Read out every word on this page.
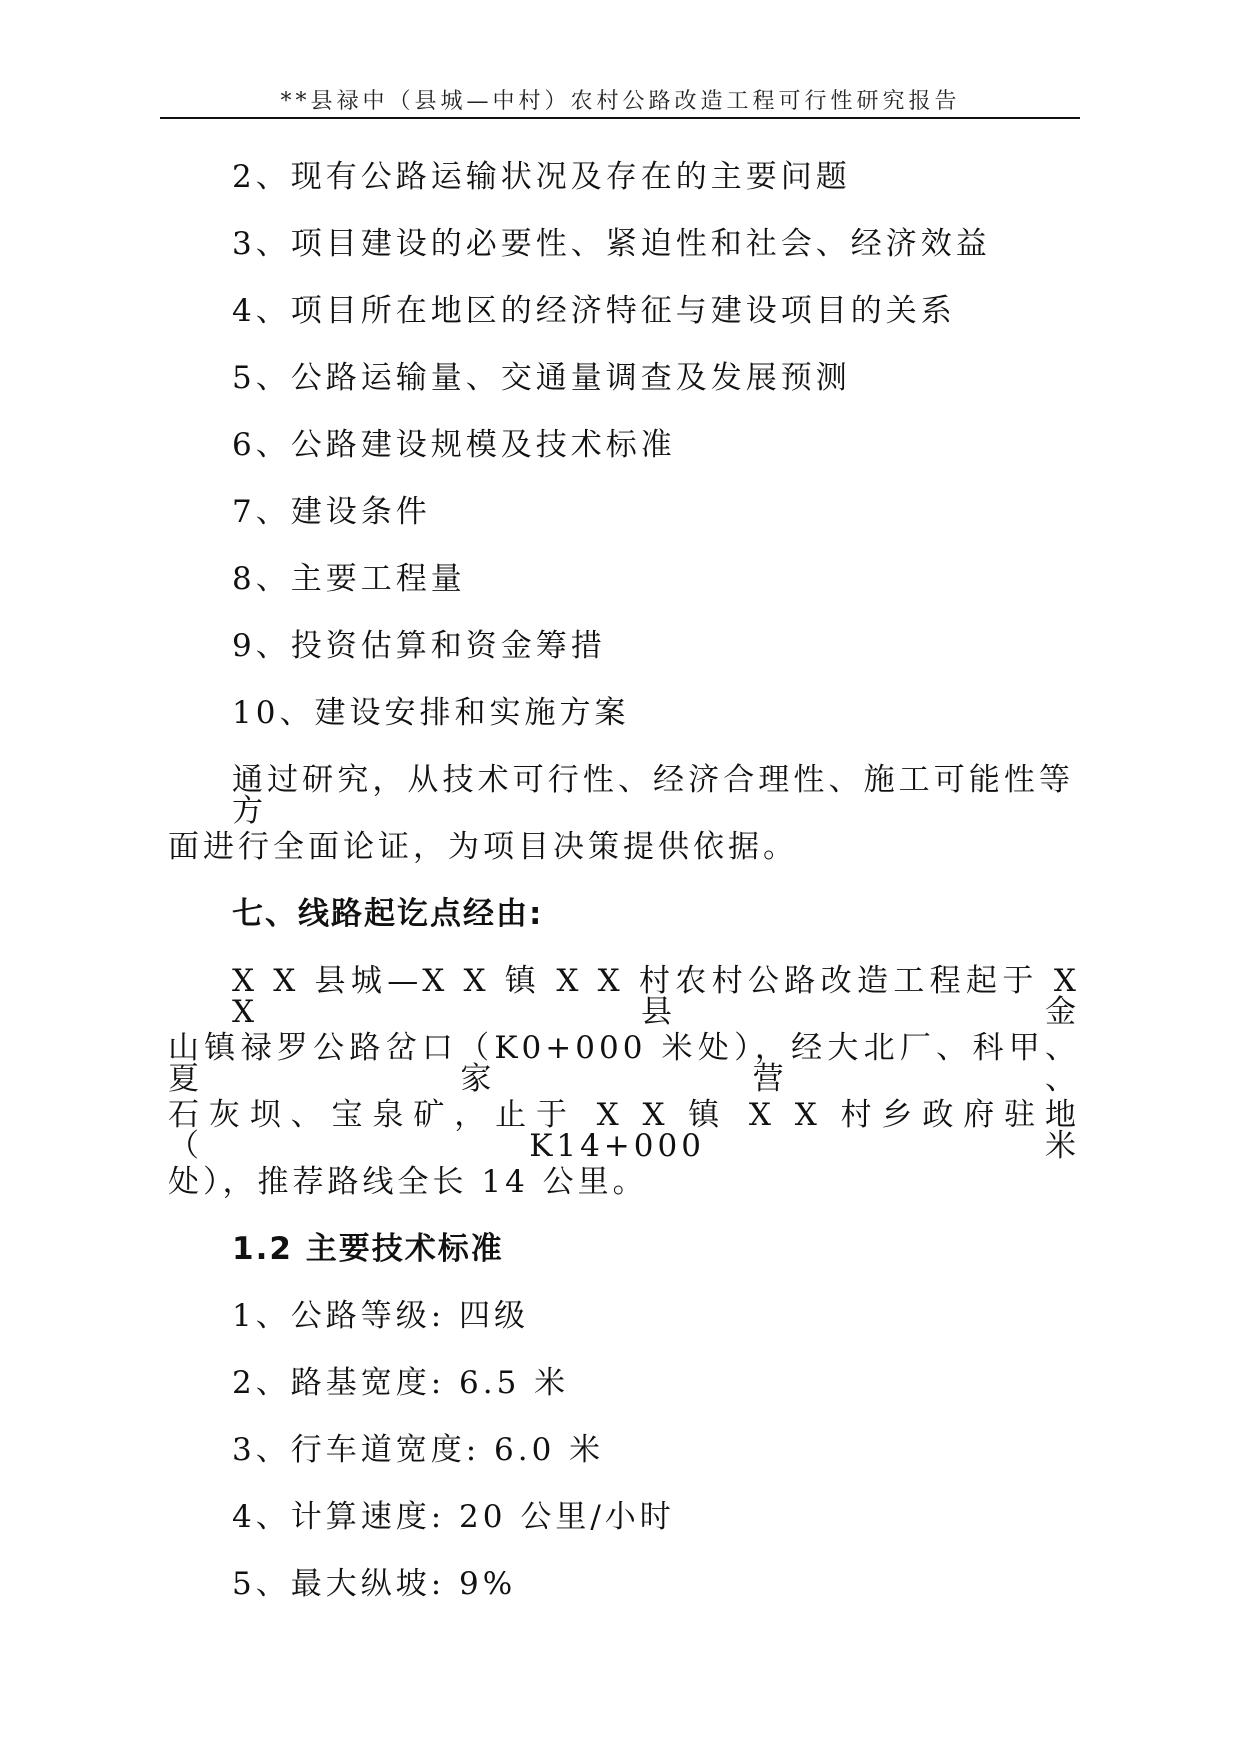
**县禄中（县城—中村）农村公路改造工程可行性研究报告
2、现有公路运输状况及存在的主要问题
3、项目建设的必要性、紧迫性和社会、经济效益
4、项目所在地区的经济特征与建设项目的关系
5、公路运输量、交通量调查及发展预测
6、公路建设规模及技术标准
7、建设条件
8、主要工程量
9、投资估算和资金筹措
10、建设安排和实施方案
通过研究，从技术可行性、经济合理性、施工可能性等方
面进行全面论证，为项目决策提供依据。
七、线路起讫点经由:
X X 县城—X X 镇 X X 村农村公路改造工程起于 X X 县金
山镇禄罗公路岔口（K0+000 米处），经大北厂、科甲、夏家营、
石灰坝、宝泉矿，止于 X X 镇 X X 村乡政府驻地（K14+000 米
处），推荐路线全长 14 公里。
1.2 主要技术标准
1、公路等级: 四级
2、路基宽度: 6.5 米
3、行车道宽度: 6.0 米
4、计算速度: 20 公里/小时
5、最大纵坡: 9%
